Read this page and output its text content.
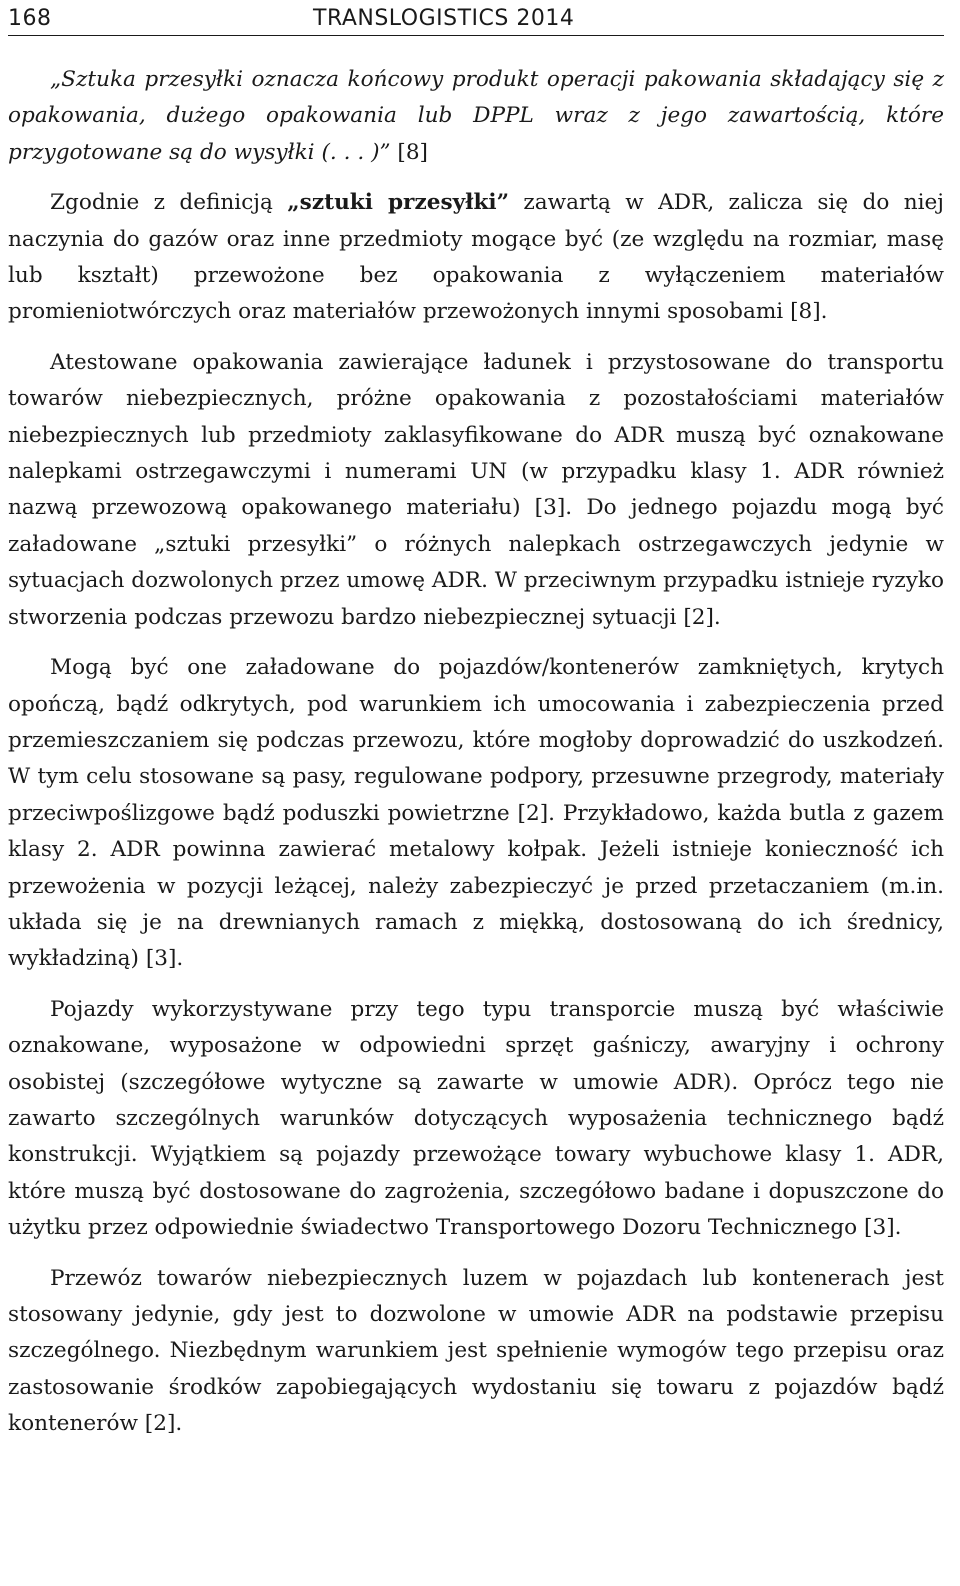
168	TRANSLOGISTICS 2014

„Sztuka przesyłki oznacza końcowy produkt operacji pakowania składający się z opakowania, dużego opakowania lub DPPL wraz z jego zawartością, które przygotowane są do wysyłki (. . . )” [8]

Zgodnie z definicją „sztuki przesyłki” zawartą w ADR, zalicza się do niej naczynia do gazów oraz inne przedmioty mogące być (ze względu na rozmiar, masę lub kształt) przewożone bez opakowania z wyłączeniem materiałów promieniotwórczych oraz materiałów przewożonych innymi sposobami [8].

Atestowane opakowania zawierające ładunek i przystosowane do transportu towarów niebezpiecznych, próżne opakowania z pozostałościami materiałów niebezpiecznych lub przedmioty zaklasyfikowane do ADR muszą być oznakowane nalepkami ostrzegawczymi i numerami UN (w przypadku klasy 1. ADR również nazwą przewozową opakowanego materiału) [3]. Do jednego pojazdu mogą być załadowane „sztuki przesyłki” o różnych nalepkach ostrzegawczych jedynie w sytuacjach dozwolonych przez umowę ADR. W przeciwnym przypadku istnieje ryzyko stworzenia podczas przewozu bardzo niebezpiecznej sytuacji [2].

Mogą być one załadowane do pojazdów/kontenerów zamkniętych, krytych opończą, bądź odkrytych, pod warunkiem ich umocowania i zabezpieczenia przed przemieszczaniem się podczas przewozu, które mogłoby doprowadzić do uszkodzeń. W tym celu stosowane są pasy, regulowane podpory, przesuwne przegrody, materiały przeciwpoślizgowe bądź poduszki powietrzne [2]. Przykładowo, każda butla z gazem klasy 2. ADR powinna zawierać metalowy kołpak. Jeżeli istnieje konieczność ich przewożenia w pozycji leżącej, należy zabezpieczyć je przed przetaczaniem (m.in. układa się je na drewnianych ramach z miękką, dostosowaną do ich średnicy, wykładziną) [3].

Pojazdy wykorzystywane przy tego typu transporcie muszą być właściwie oznakowane, wyposażone w odpowiedni sprzęt gaśniczy, awaryjny i ochrony osobistej (szczegółowe wytyczne są zawarte w umowie ADR). Oprócz tego nie zawarto szczególnych warunków dotyczących wyposażenia technicznego bądź konstrukcji. Wyjątkiem są pojazdy przewożące towary wybuchowe klasy 1. ADR, które muszą być dostosowane do zagrożenia, szczegółowo badane i dopuszczone do użytku przez odpowiednie świadectwo Transportowego Dozoru Technicznego [3].

Przewóz towarów niebezpiecznych luzem w pojazdach lub kontenerach jest stosowany jedynie, gdy jest to dozwolone w umowie ADR na podstawie przepisu szczególnego. Niezbędnym warunkiem jest spełnienie wymogów tego przepisu oraz zastosowanie środków zapobiegających wydostaniu się towaru z pojazdów bądź kontenerów [2].
